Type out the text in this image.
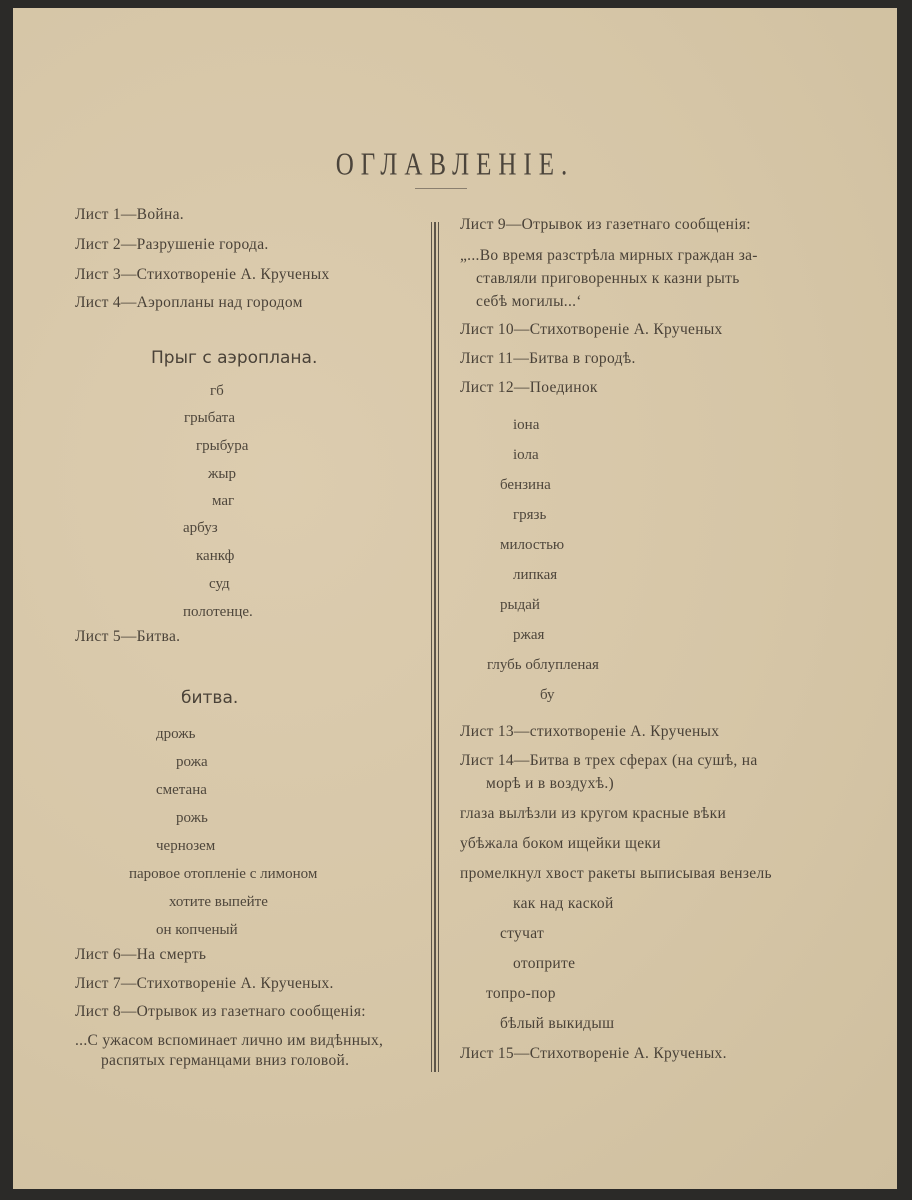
ОГЛАВЛЕНІЕ.
Лист 1—Война.
Лист 2—Разрушеніе города.
Лист 3—Стихотвореніе А. Крученых
Лист 4—Аэропланы над городом
Прыг с аэроплана.
гб
грыбата
грыбура
жыр
маг
арбуз
канкф
суд
полотенце.
Лист 5—Битва.
битва.
дрожь
рожа
сметана
рожь
чернозем
паровое отопленіе с лимоном
хотите выпейте
он копченый
Лист 6—На смерть
Лист 7—Стихотвореніе А. Крученых.
Лист 8—Отрывок из газетнаго сообщенія:
...С ужасом вспоминает лично им видѣнных,
распятых германцами вниз головой.
Лист 9—Отрывок из газетнаго сообщенія:
„...Во время разстрѣла мирных граждан за-
ставляли приговоренных к казни рыть
себѣ могилы...‘
Лист 10—Стихотвореніе А. Крученых
Лист 11—Битва в городѣ.
Лист 12—Поединок
іона
іола
бензина
грязь
милостью
липкая
рыдай
ржая
глубь облупленая
бу
Лист 13—стихотвореніе А. Крученых
Лист 14—Битва в трех сферах (на сушѣ, на
морѣ и в воздухѣ.)
глаза вылѣзли из кругом красные вѣки
убѣжала боком ищейки щеки
промелкнул хвост ракеты выписывая вензель
как над каской
стучат
отоприте
топро-пор
бѣлый выкидыш
Лист 15—Стихотвореніе А. Крученых.
